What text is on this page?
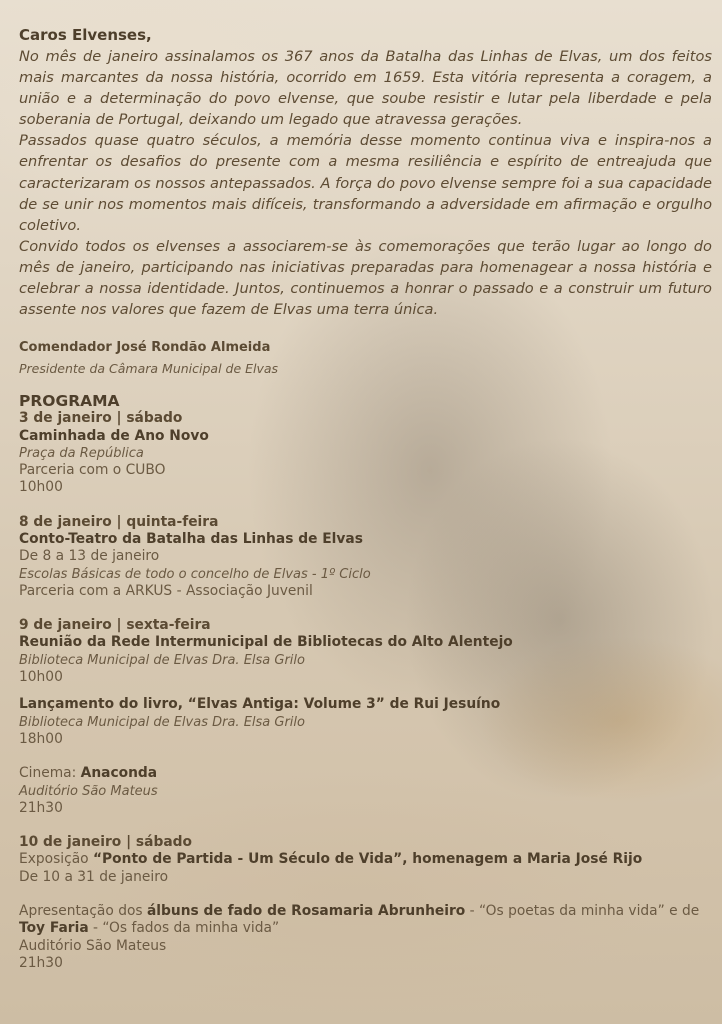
Caros Elvenses,

No mês de janeiro assinalamos os 367 anos da Batalha das Linhas de Elvas, um dos feitos mais marcantes da nossa história, ocorrido em 1659. Esta vitória representa a coragem, a união e a determinação do povo elvense, que soube resistir e lutar pela liberdade e pela soberania de Portugal, deixando um legado que atravessa gerações.

Passados quase quatro séculos, a memória desse momento continua viva e inspira-nos a enfrentar os desafios do presente com a mesma resiliência e espírito de entreajuda que caracterizaram os nossos antepassados. A força do povo elvense sempre foi a sua capacidade de se unir nos momentos mais difíceis, transformando a adversidade em afirmação e orgulho coletivo.

Convido todos os elvenses a associarem-se às comemorações que terão lugar ao longo do mês de janeiro, participando nas iniciativas preparadas para homenagear a nossa história e celebrar a nossa identidade. Juntos, continuemos a honrar o passado e a construir um futuro assente nos valores que fazem de Elvas uma terra única.

Comendador José Rondão Almeida
Presidente da Câmara Municipal de Elvas
PROGRAMA
3 de janeiro | sábado
Caminhada de Ano Novo
Praça da República
Parceria com o CUBO
10h00
8 de janeiro | quinta-feira
Conto-Teatro da Batalha das Linhas de Elvas
De 8 a 13 de janeiro
Escolas Básicas de todo o concelho de Elvas - 1º Ciclo
Parceria com a ARKUS - Associação Juvenil
9 de janeiro | sexta-feira
Reunião da Rede Intermunicipal de Bibliotecas do Alto Alentejo
Biblioteca Municipal de Elvas Dra. Elsa Grilo
10h00
Lançamento do livro, “Elvas Antiga: Volume 3” de Rui Jesuíno
Biblioteca Municipal de Elvas Dra. Elsa Grilo
18h00
Cinema: Anaconda
Auditório São Mateus
21h30
10 de janeiro | sábado
Exposição “Ponto de Partida - Um Século de Vida”, homenagem a Maria José Rijo
De 10 a 31 de janeiro
Apresentação dos álbuns de fado de Rosamaria Abrunheiro - “Os poetas da minha vida” e de Toy Faria - “Os fados da minha vida”
Auditório São Mateus
21h30
